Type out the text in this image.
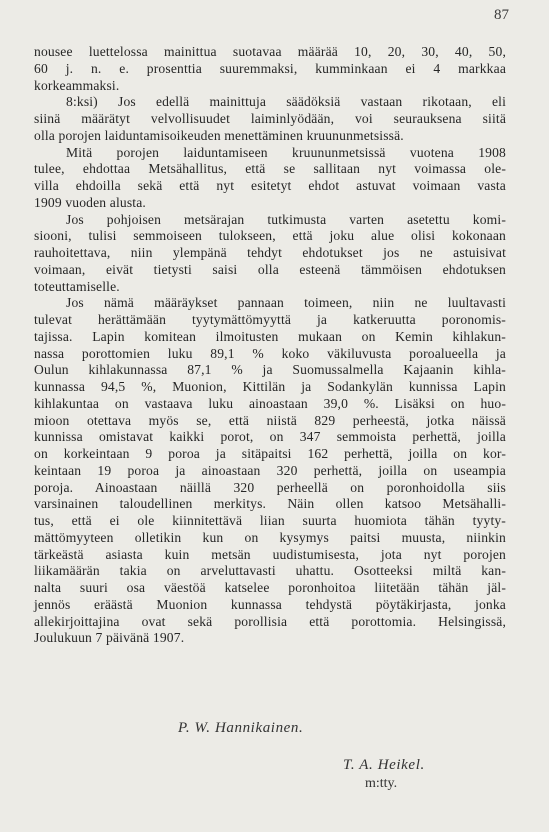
87
nousee luettelossa mainittua suotavaa määrää 10, 20, 30, 40, 50,
60 j. n. e. prosenttia suuremmaksi, kumminkaan ei 4 markkaa
korkeammaksi.
8:ksi) Jos edellä mainittuja säädöksiä vastaan rikotaan, eli
siinä määrätyt velvollisuudet laiminlyödään, voi seurauksena siitä
olla porojen laiduntamisoikeuden menettäminen kruununmetsissä.
Mitä porojen laiduntamiseen kruununmetsissä vuotena 1908
tulee, ehdottaa Metsähallitus, että se sallitaan nyt voimassa ole-
villa ehdoilla sekä että nyt esitetyt ehdot astuvat voimaan vasta
1909 vuoden alusta.
Jos pohjoisen metsärajan tutkimusta varten asetettu komi-
siooni, tulisi semmoiseen tulokseen, että joku alue olisi kokonaan
rauhoitettava, niin ylempänä tehdyt ehdotukset jos ne astuisivat
voimaan, eivät tietysti saisi olla esteenä tämmöisen ehdotuksen
toteuttamiselle.
Jos nämä määräykset pannaan toimeen, niin ne luultavasti
tulevat herättämään tyytymättömyyttä ja katkeruutta poronomis-
tajissa. Lapin komitean ilmoitusten mukaan on Kemin kihlakun-
nassa porottomien luku 89,1 % koko väkiluvusta poroalueella ja
Oulun kihlakunnassa 87,1 % ja Suomussalmella Kajaanin kihla-
kunnassa 94,5 %, Muonion, Kittilän ja Sodankylän kunnissa Lapin
kihlakuntaa on vastaava luku ainoastaan 39,0 %. Lisäksi on huo-
mioon otettava myös se, että niistä 829 perheestä, jotka näissä
kunnissa omistavat kaikki porot, on 347 semmoista perhettä, joilla
on korkeintaan 9 poroa ja sitäpaitsi 162 perhettä, joilla on kor-
keintaan 19 poroa ja ainoastaan 320 perhettä, joilla on useampia
poroja. Ainoastaan näillä 320 perheellä on poronhoidolla siis
varsinainen taloudellinen merkitys. Näin ollen katsoo Metsähalli-
tus, että ei ole kiinnitettävä liian suurta huomiota tähän tyyty-
mättömyyteen olletikin kun on kysymys paitsi muusta, niinkin
tärkeästä asiasta kuin metsän uudistumisesta, jota nyt porojen
liikamäärän takia on arveluttavasti uhattu. Osotteeksi miltä kan-
nalta suuri osa väestöä katselee poronhoitoa liitetään tähän jäl-
jennös eräästä Muonion kunnassa tehdystä pöytäkirjasta, jonka
allekirjoittajina ovat sekä porollisia että porottomia. Helsingissä,
Joulukuun 7 päivänä 1907.
P. W. Hannikainen.
T. A. Heikel.
m:tty.
